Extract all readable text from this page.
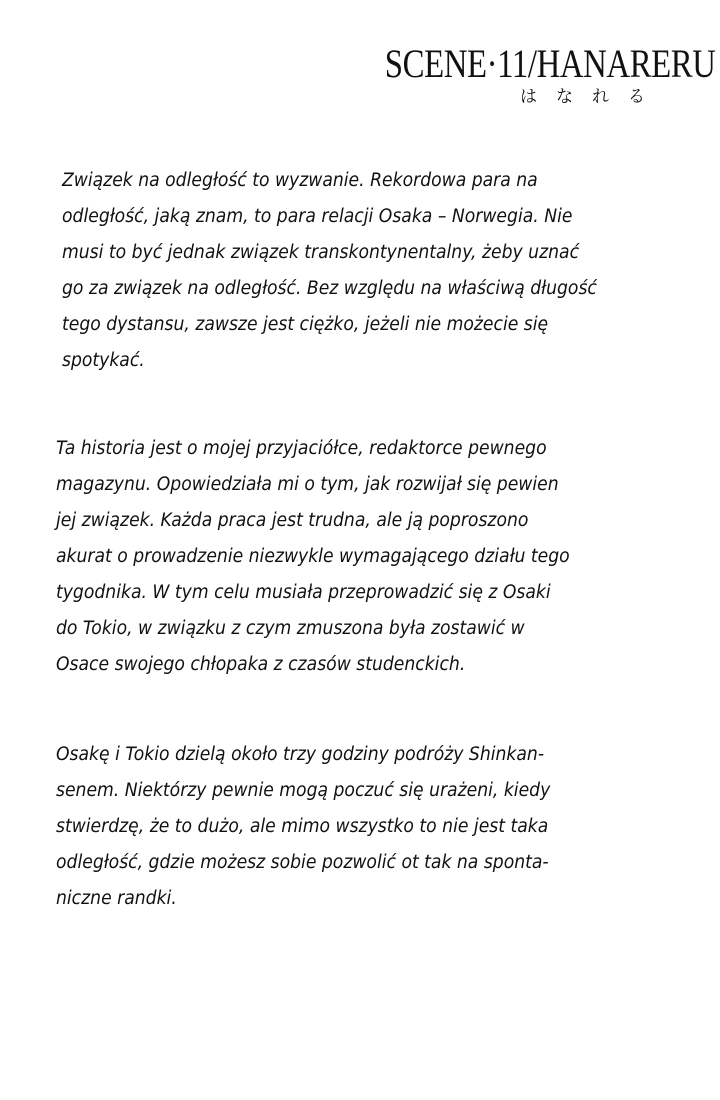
SCENE·11/HANARERU
はなれる
Związek na odległość to wyzwanie. Rekordowa para na
odległość, jaką znam, to para relacji Osaka – Norwegia. Nie
musi to być jednak związek transkontynentalny, żeby uznać
go za związek na odległość. Bez względu na właściwą długość
tego dystansu, zawsze jest ciężko, jeżeli nie możecie się
spotykać.
Ta historia jest o mojej przyjaciółce, redaktorce pewnego
magazynu. Opowiedziała mi o tym, jak rozwijał się pewien
jej związek. Każda praca jest trudna, ale ją poproszono
akurat o prowadzenie niezwykle wymagającego działu tego
tygodnika. W tym celu musiała przeprowadzić się z Osaki
do Tokio, w związku z czym zmuszona była zostawić w
Osace swojego chłopaka z czasów studenckich.
Osakę i Tokio dzielą około trzy godziny podróży Shinkan-
senem. Niektórzy pewnie mogą poczuć się urażeni, kiedy
stwierdzę, że to dużo, ale mimo wszystko to nie jest taka
odległość, gdzie możesz sobie pozwolić ot tak na sponta-
niczne randki.
